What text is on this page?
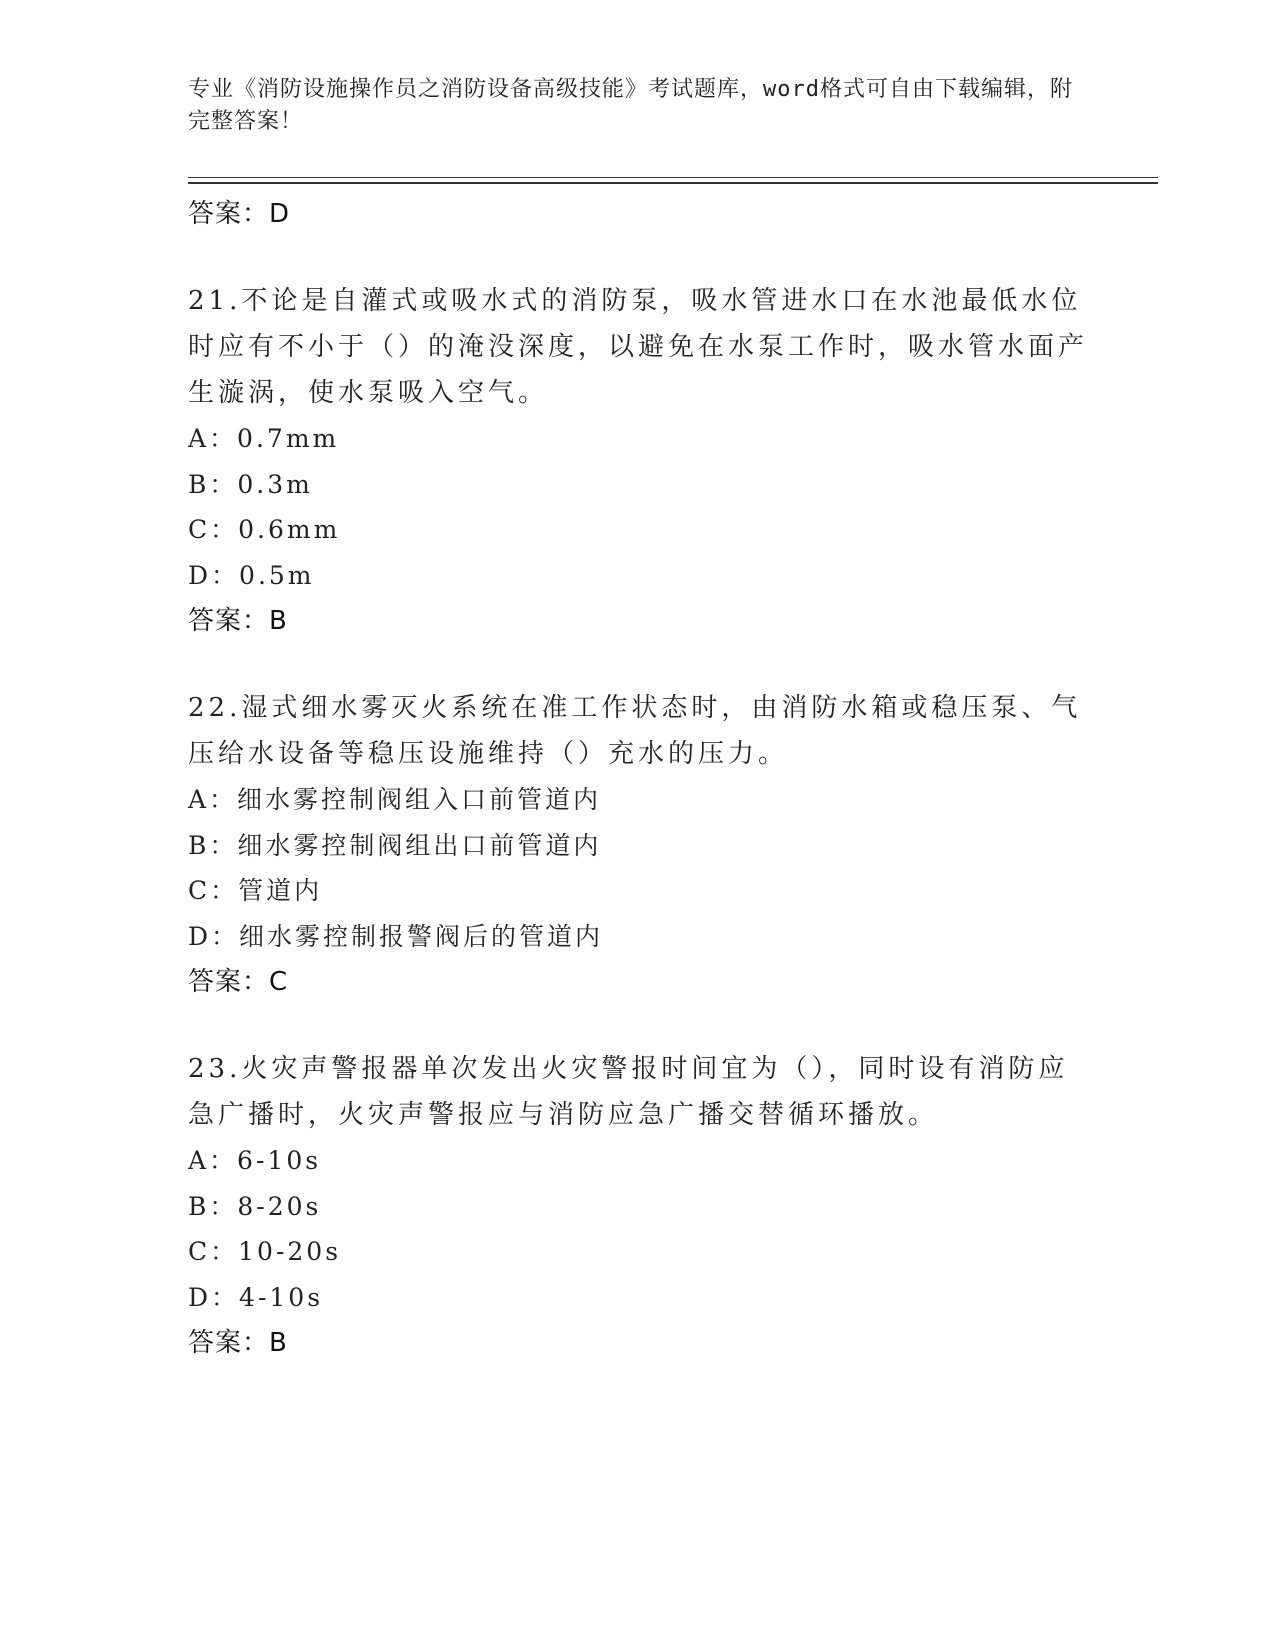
专业《消防设施操作员之消防设备高级技能》考试题库，word格式可自由下载编辑，附完整答案！
答案：D
21.不论是自灌式或吸水式的消防泵，吸水管进水口在水池最低水位时应有不小于（）的淹没深度，以避免在水泵工作时，吸水管水面产生漩涡，使水泵吸入空气。
A：0.7mm
B：0.3m
C：0.6mm
D：0.5m
答案：B
22.湿式细水雾灭火系统在准工作状态时，由消防水箱或稳压泵、气压给水设备等稳压设施维持（）充水的压力。
A：细水雾控制阀组入口前管道内
B：细水雾控制阀组出口前管道内
C：管道内
D：细水雾控制报警阀后的管道内
答案：C
23.火灾声警报器单次发出火灾警报时间宜为（），同时设有消防应急广播时，火灾声警报应与消防应急广播交替循环播放。
A：6-10s
B：8-20s
C：10-20s
D：4-10s
答案：B
